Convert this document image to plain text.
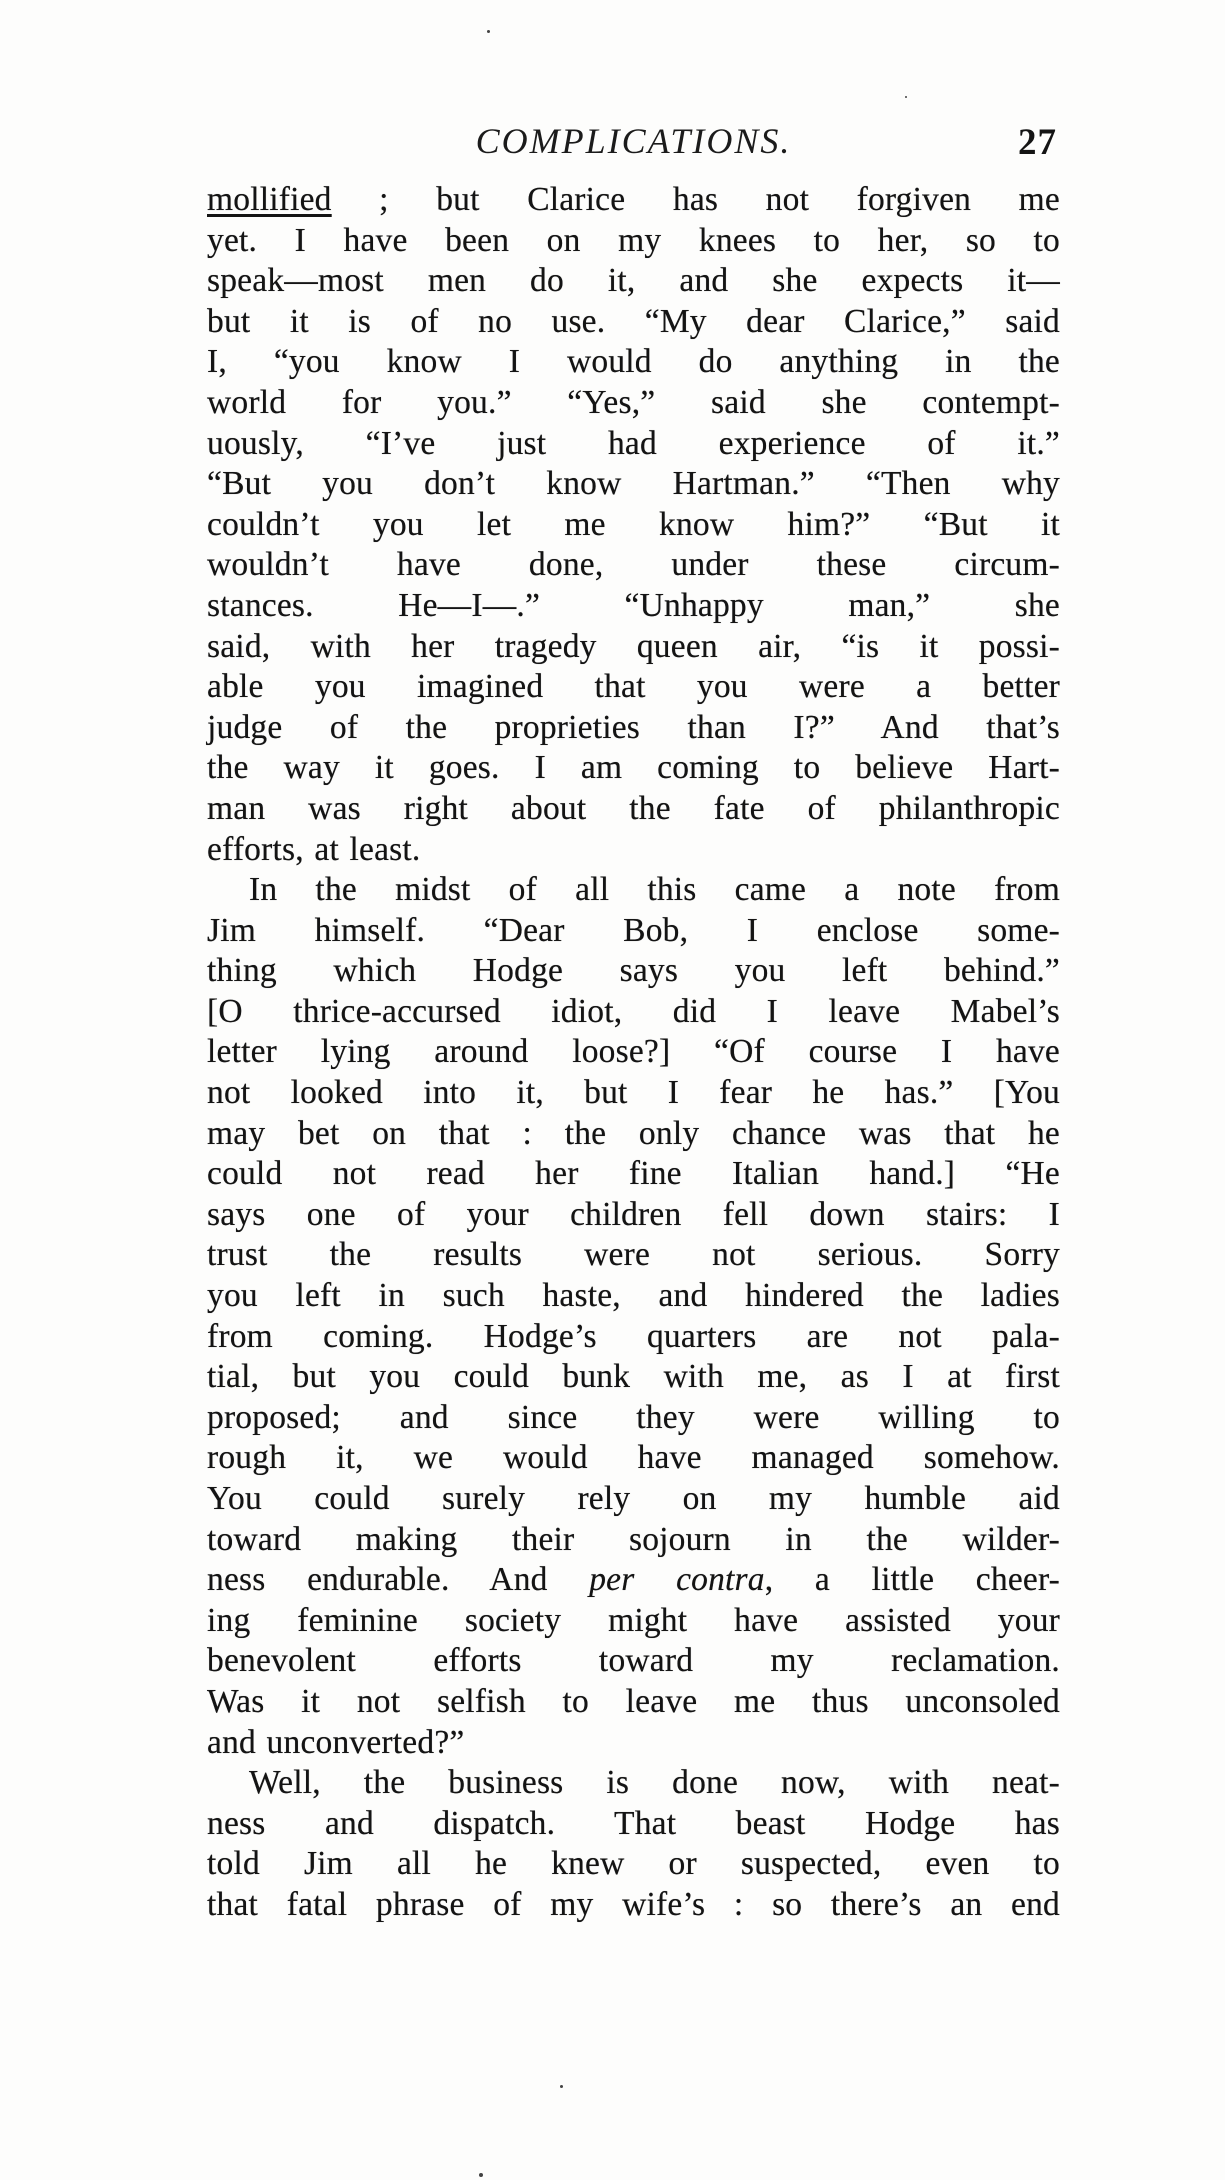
COMPLICATIONS.	27
mollified ; but Clarice has not forgiven me
yet. I have been on my knees to her, so to
speak—most men do it, and she expects it—
but it is of no use. “My dear Clarice,” said
I, “you know I would do anything in the
world for you.” “Yes,” said she contempt-
uously, “I’ve just had experience of it.”
“But you don’t know Hartman.” “Then why
couldn’t you let me know him?” “But it
wouldn’t have done, under these circum-
stances. He—I—.” “Unhappy man,” she
said, with her tragedy queen air, “is it possi-
able you imagined that you were a better
judge of the proprieties than I?” And that’s
the way it goes. I am coming to believe Hart-
man was right about the fate of philanthropic
efforts, at least.
In the midst of all this came a note from
Jim himself. “Dear Bob, I enclose some-
thing which Hodge says you left behind.”
[O thrice-accursed idiot, did I leave Mabel’s
letter lying around loose?] “Of course I have
not looked into it, but I fear he has.” [You
may bet on that : the only chance was that he
could not read her fine Italian hand.] “He
says one of your children fell down stairs: I
trust the results were not serious. Sorry
you left in such haste, and hindered the ladies
from coming. Hodge’s quarters are not pala-
tial, but you could bunk with me, as I at first
proposed; and since they were willing to
rough it, we would have managed somehow.
You could surely rely on my humble aid
toward making their sojourn in the wilder-
ness endurable. And per contra, a little cheer-
ing feminine society might have assisted your
benevolent efforts toward my reclamation.
Was it not selfish to leave me thus unconsoled
and unconverted?”
Well, the business is done now, with neat-
ness and dispatch. That beast Hodge has
told Jim all he knew or suspected, even to
that fatal phrase of my wife’s : so there’s an end
